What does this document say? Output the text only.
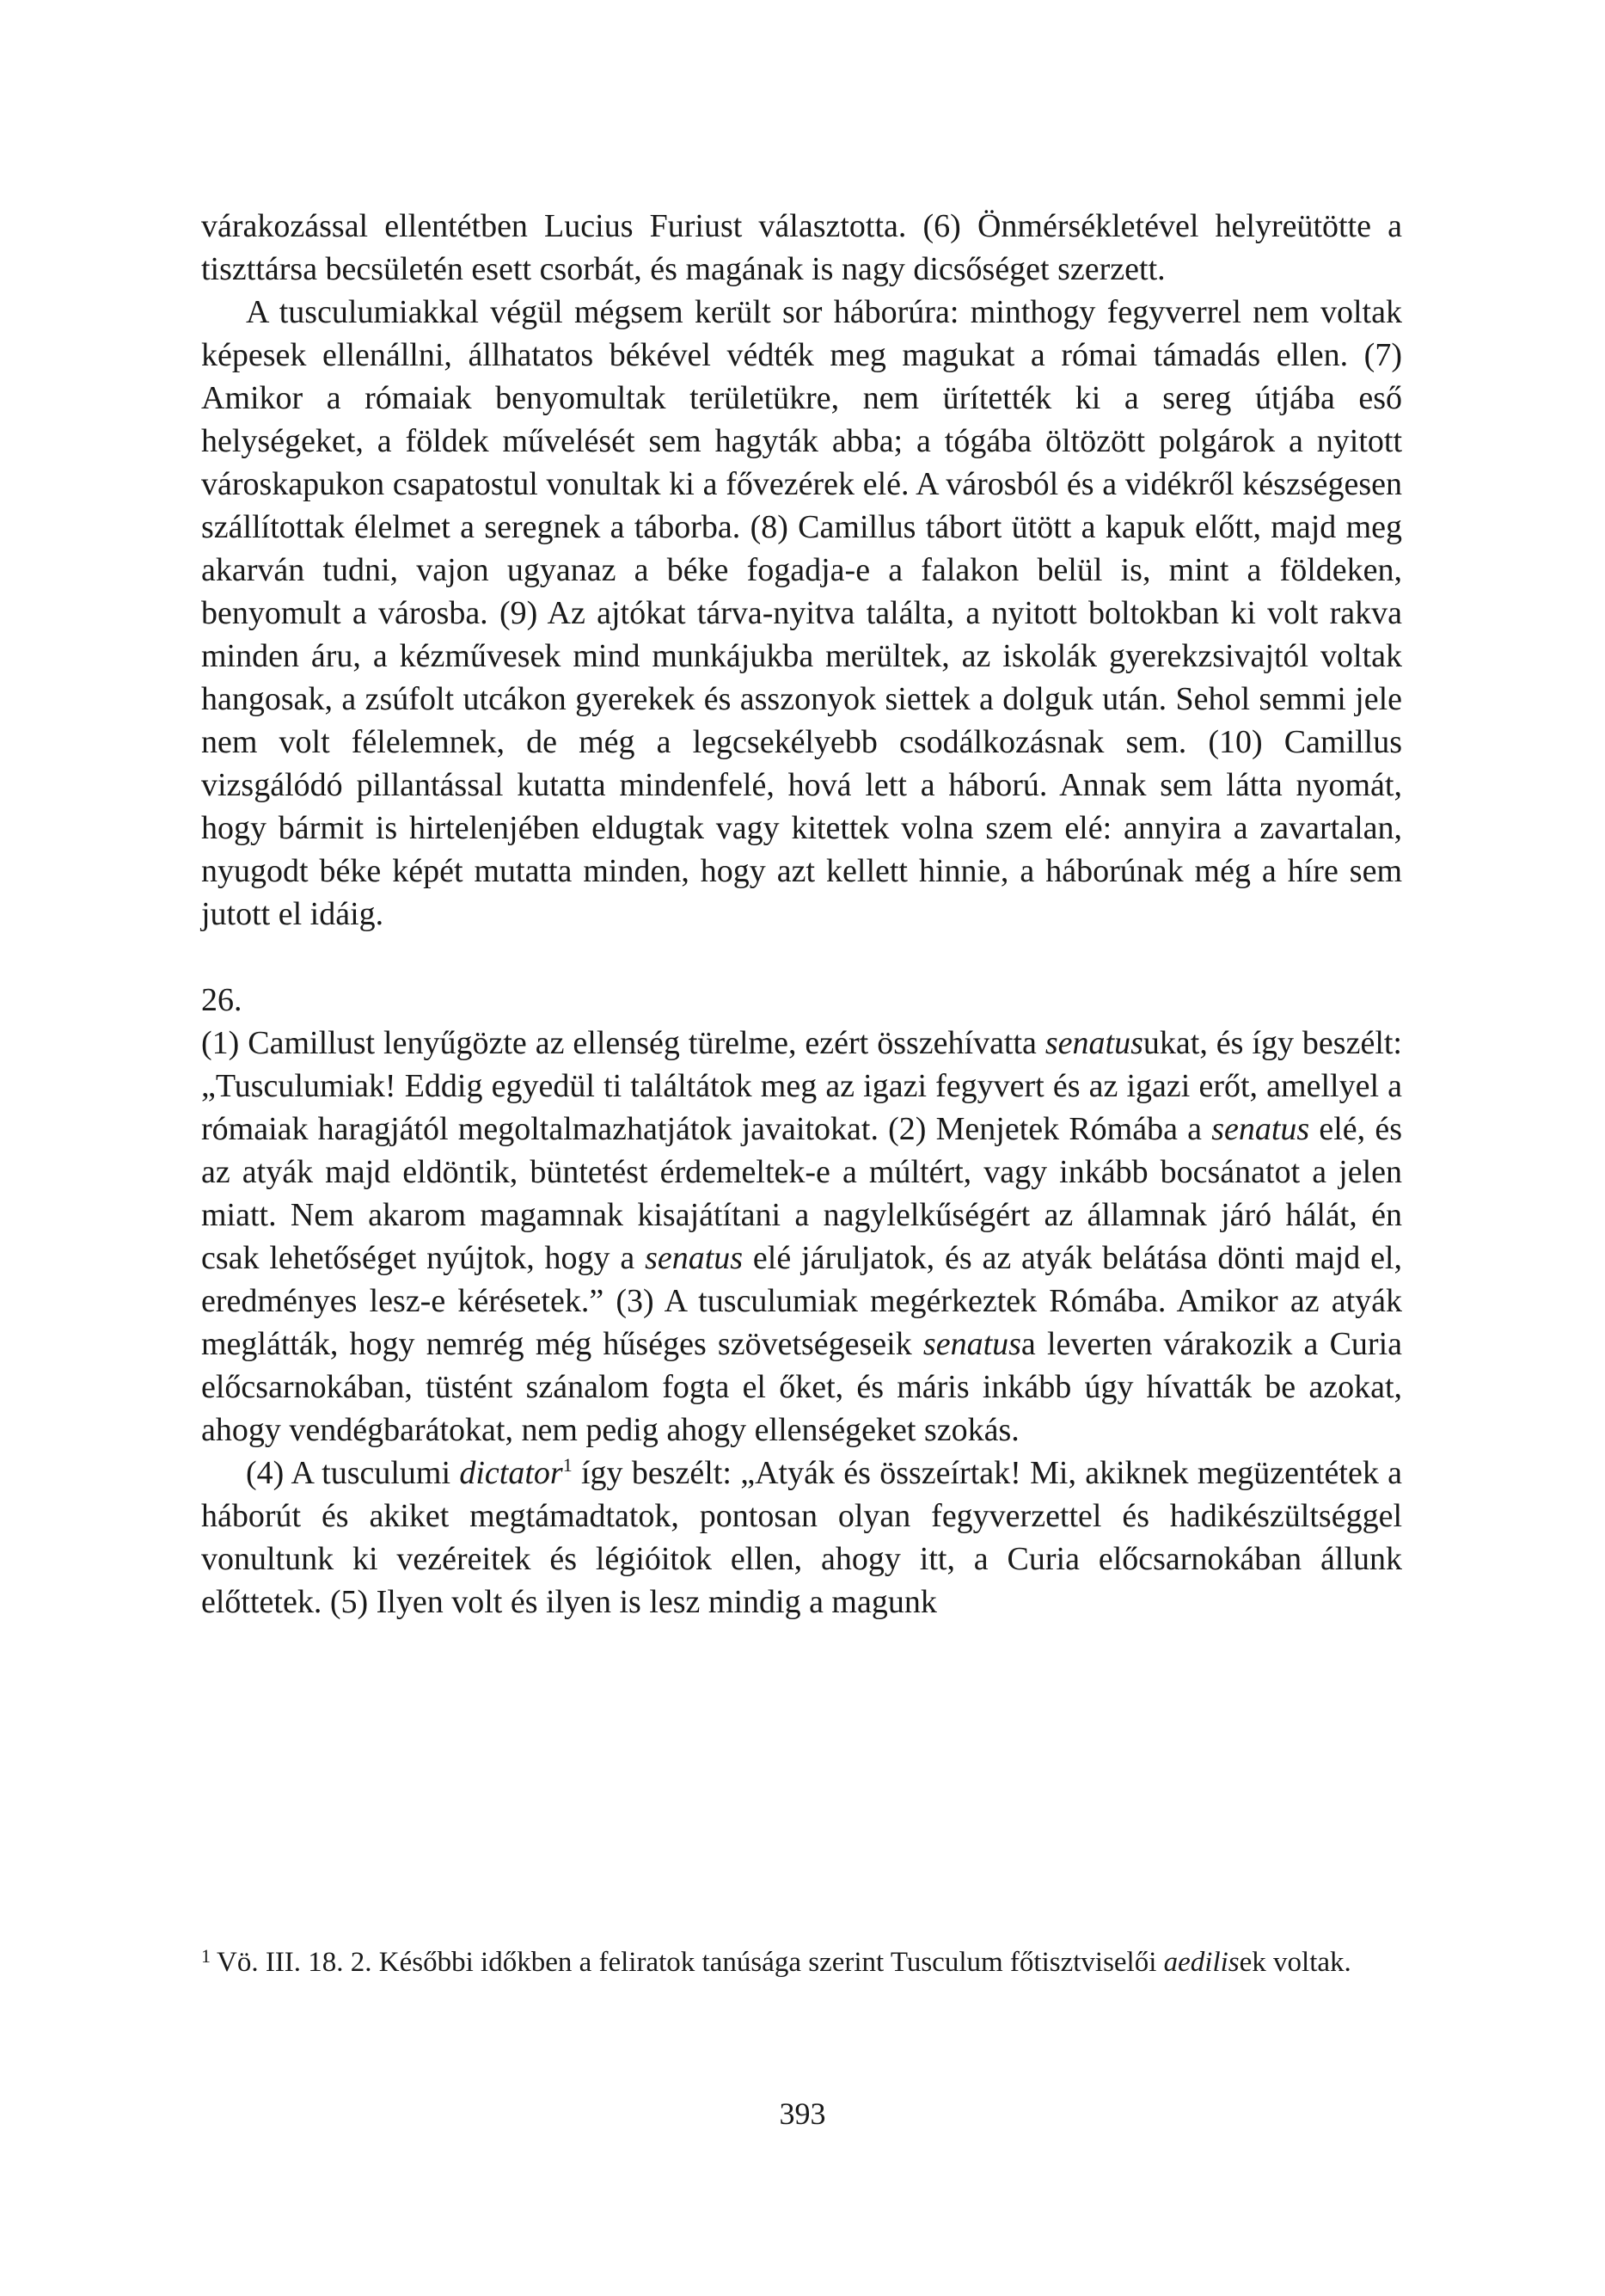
várakozással ellentétben Lucius Furiust választotta. (6) Önmérsékletével helyreütötte a tiszttársa becsületén esett csorbát, és magának is nagy dicsőséget szerzett.

A tusculumiakkal végül mégsem került sor háborúra: minthogy fegyverrel nem voltak képesek ellenállni, állhatatos békével védték meg magukat a római támadás ellen. (7) Amikor a rómaiak benyomultak területükre, nem ürítették ki a sereg útjába eső helységeket, a földek művelését sem hagyták abba; a tógába öltözött polgárok a nyitott városkapukon csapatostul vonultak ki a fővezérek elé. A városból és a vidékről készségesen szállítottak élelmet a seregnek a táborba. (8) Camillus tábort ütött a kapuk előtt, majd meg akarván tudni, vajon ugyanaz a béke fogadja-e a falakon belül is, mint a földeken, benyomult a városba. (9) Az ajtókat tárva-nyitva találta, a nyitott boltokban ki volt rakva minden áru, a kézművesek mind munkájukba merültek, az iskolák gyerekzsivajtól voltak hangosak, a zsúfolt utcákon gyerekek és asszonyok siettek a dolguk után. Sehol semmi jele nem volt félelemnek, de még a legcsekélyebb csodálkozásnak sem. (10) Camillus vizsgálódó pillantással kutatta mindenfelé, hová lett a háború. Annak sem látta nyomát, hogy bármit is hirtelenjében eldugtak vagy kitettek volna szem elé: annyira a zavartalan, nyugodt béke képét mutatta minden, hogy azt kellett hinnie, a háborúnak még a híre sem jutott el idáig.

26.

(1) Camillust lenyűgözte az ellenség türelme, ezért összehívatta senatusukat, és így beszélt: „Tusculumiak! Eddig egyedül ti találtátok meg az igazi fegyvert és az igazi erőt, amellyel a rómaiak haragjától megoltalmazhatjátok javaitokat. (2) Menjetek Rómába a senatus elé, és az atyák majd eldöntik, büntetést érdemeltek-e a múltért, vagy inkább bocsánatot a jelen miatt. Nem akarom magamnak kisajátítani a nagylelkűségért az államnak járó hálát, én csak lehetőséget nyújtok, hogy a senatus elé járuljatok, és az atyák belátása dönti majd el, eredményes lesz-e kérésetek.” (3) A tusculumiak megérkeztek Rómába. Amikor az atyák meglátták, hogy nemrég még hűséges szövetségeseik senatusa leverten várakozik a Curia előcsarnokában, tüstént szánalom fogta el őket, és máris inkább úgy hívatták be azokat, ahogy vendégbarátokat, nem pedig ahogy ellenségeket szokás.

(4) A tusculumi dictator$^1$ így beszélt: „Atyák és összeírtak! Mi, akiknek megüzentétek a háborút és akiket megtámadtatok, pontosan olyan fegyverzettel és hadikészültséggel vonultunk ki vezéreitek és légióitok ellen, ahogy itt, a Curia előcsarnokában állunk előttetek. (5) Ilyen volt és ilyen is lesz mindig a magunk

1 Vö. III. 18. 2. Későbbi időkben a feliratok tanúsága szerint Tusculum főtisztviselői aedilisek voltak.
393
